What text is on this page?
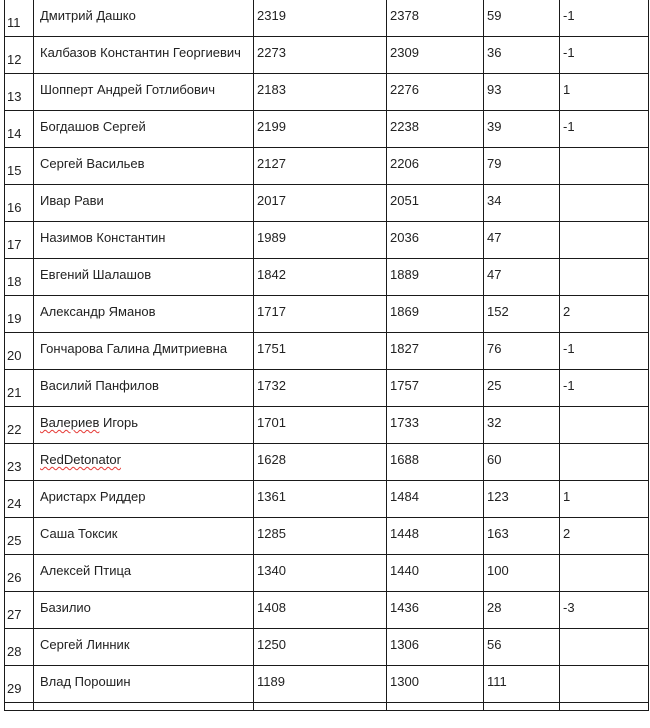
11	Дмитрий Дашко	2319	2378	59	-1

12	Калбазов Константин Георгиевич	2273	2309	36	-1

13	Шопперт Андрей Готлибович	2183	2276	93	1

14	Богдашов Сергей	2199	2238	39	-1

15	Сергей Васильев	2127	2206	79	

16	Ивар Рави	2017	2051	34	

17	Назимов Константин	1989	2036	47	

18	Евгений Шалашов	1842	1889	47	

19	Александр Яманов	1717	1869	152	2

20	Гончарова Галина Дмитриевна	1751	1827	76	-1

21	Василий Панфилов	1732	1757	25	-1

22	Валериев Игорь	1701	1733	32	

23	RedDetonator	1628	1688	60	

24	Аристарх Риддер	1361	1484	123	1

25	Саша Токсик	1285	1448	163	2

26	Алексей Птица	1340	1440	100	

27	Базилио	1408	1436	28	-3

28	Сергей Линник	1250	1306	56	

29	Влад Порошин	1189	1300	111	
